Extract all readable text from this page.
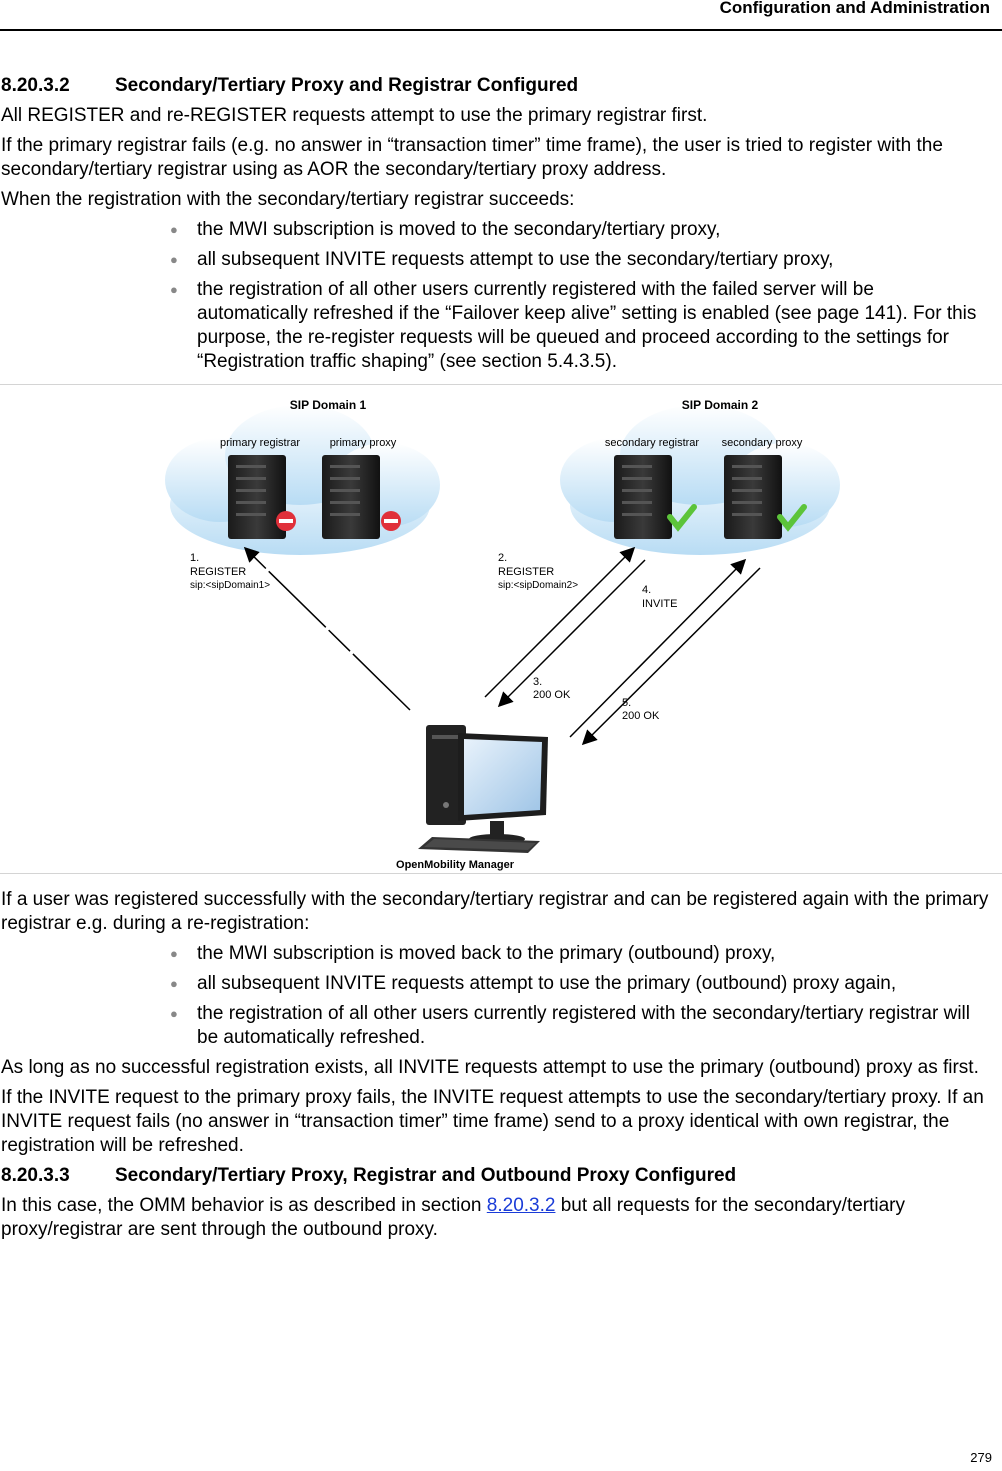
Configuration and Administration
8.20.3.2 Secondary/Tertiary Proxy and Registrar Configured

All REGISTER and re-REGISTER requests attempt to use the primary registrar first.

If the primary registrar fails (e.g. no answer in “transaction timer” time frame), the user is tried to register with the secondary/tertiary registrar using as AOR the secondary/tertiary proxy address.

When the registration with the secondary/tertiary registrar succeeds:

● the MWI subscription is moved to the secondary/tertiary proxy,
● all subsequent INVITE requests attempt to use the secondary/tertiary proxy,
● the registration of all other users currently registered with the failed server will be automatically refreshed if the “Failover keep alive” setting is enabled (see page 141). For this purpose, the re-register requests will be queued and proceed according to the settings for “Registration traffic shaping” (see section 5.4.3.5).
SIP Domain 1	SIP Domain 2
primary registrar	primary proxy	secondary registrar secondary proxy
1.
REGISTER
sip:<sipDomain1>
2.
REGISTER
sip:<sipDomain2>	4.
INVITE
3.
200 OK
5.
200 OK
OpenMobility Manager

If a user was registered successfully with the secondary/tertiary registrar and can be registered again with the primary registrar e.g. during a re-registration:

● the MWI subscription is moved back to the primary (outbound) proxy,
● all subsequent INVITE requests attempt to use the primary (outbound) proxy again,
● the registration of all other users currently registered with the secondary/tertiary registrar will be automatically refreshed.

As long as no successful registration exists, all INVITE requests attempt to use the primary (outbound) proxy as first.

If the INVITE request to the primary proxy fails, the INVITE request attempts to use the secondary/tertiary proxy. If an INVITE request fails (no answer in “transaction timer” time frame) send to a proxy identical with own registrar, the registration will be refreshed.

8.20.3.3 Secondary/Tertiary Proxy, Registrar and Outbound Proxy Configured

In this case, the OMM behavior is as described in section 8.20.3.2 but all requests for the secondary/tertiary proxy/registrar are sent through the outbound proxy.

279
